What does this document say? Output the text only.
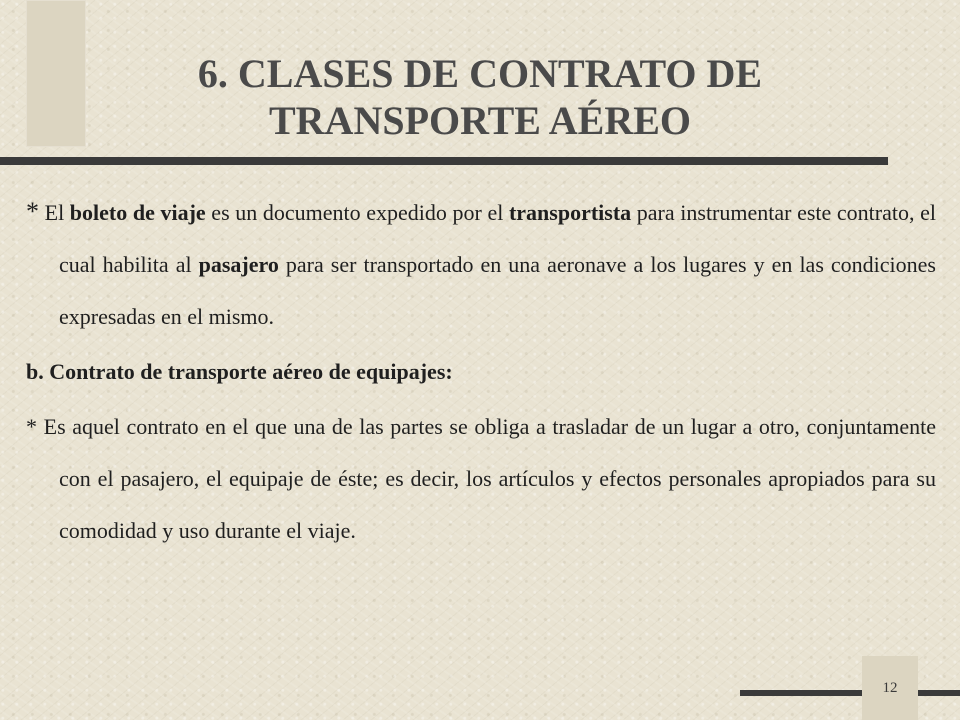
6. CLASES DE CONTRATO DE
TRANSPORTE AÉREO

* El boleto de viaje es un documento expedido por el transportista para instrumentar este contrato, el cual habilita al pasajero para ser transportado en una aeronave a los lugares y en las condiciones expresadas en el mismo.

b. Contrato de transporte aéreo de equipajes:

* Es aquel contrato en el que una de las partes se obliga a trasladar de un lugar a otro, conjuntamente con el pasajero, el equipaje de éste; es decir, los artículos y efectos personales apropiados para su comodidad y uso durante el viaje.

12
